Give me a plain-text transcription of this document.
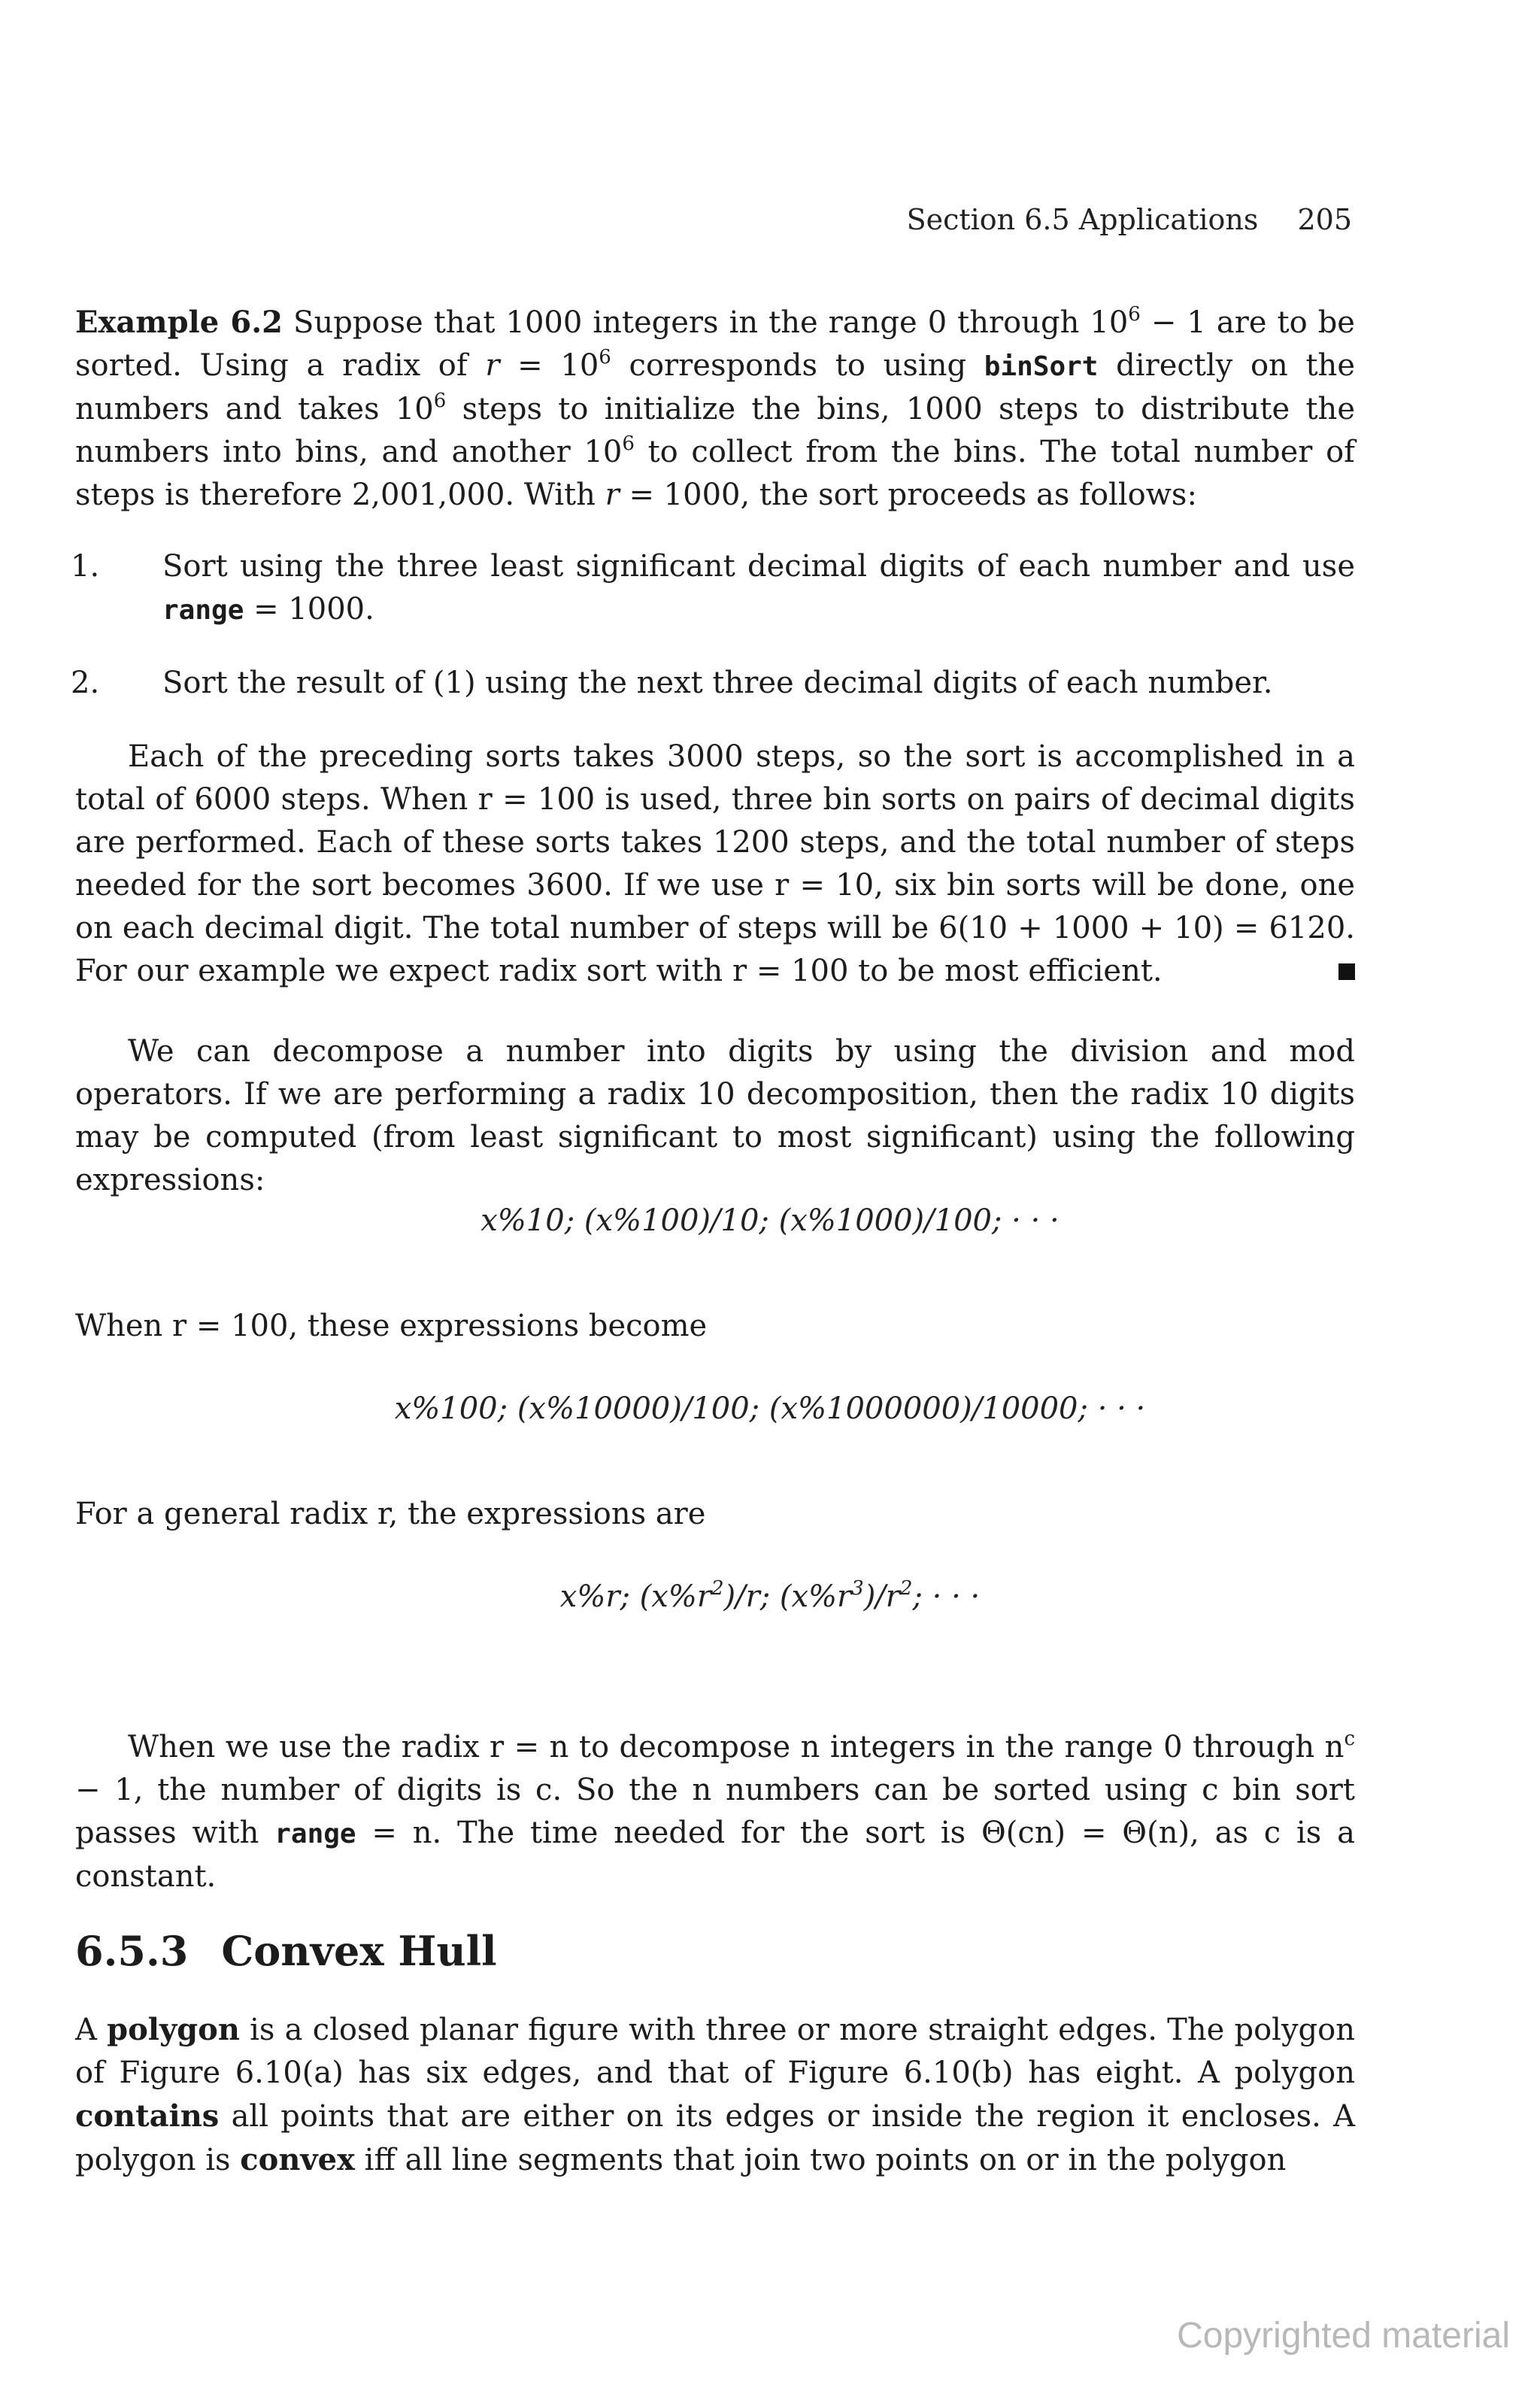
Section 6.5 Applications 205
Example 6.2 Suppose that 1000 integers in the range 0 through $10^6 - 1$ are to be sorted. Using a radix of $r = 10^6$ corresponds to using binSort directly on the numbers and takes $10^6$ steps to initialize the bins, 1000 steps to distribute the numbers into bins, and another $10^6$ to collect from the bins. The total number of steps is therefore 2,001,000. With r = 1000, the sort proceeds as follows:
1. Sort using the three least significant decimal digits of each number and use range = 1000.
2. Sort the result of (1) using the next three decimal digits of each number.
Each of the preceding sorts takes 3000 steps, so the sort is accomplished in a total of 6000 steps. When r = 100 is used, three bin sorts on pairs of decimal digits are performed. Each of these sorts takes 1200 steps, and the total number of steps needed for the sort becomes 3600. If we use r = 10, six bin sorts will be done, one on each decimal digit. The total number of steps will be 6(10 + 1000 + 10) = 6120. For our example we expect radix sort with r = 100 to be most efficient.
We can decompose a number into digits by using the division and mod operators. If we are performing a radix 10 decomposition, then the radix 10 digits may be computed (from least significant to most significant) using the following expressions:
x%10; (x%100)/10; (x%1000)/100; · · ·
When r = 100, these expressions become
x%100; (x%10000)/100; (x%1000000)/10000; · · ·
For a general radix r, the expressions are
x%r; $(x\%r^2)/r$; $(x\%r^3)/r^2$; · · ·
When we use the radix r = n to decompose n integers in the range 0 through $n^c - 1$, the number of digits is c. So the n numbers can be sorted using c bin sort passes with range = n. The time needed for the sort is Θ(cn) = Θ(n), as c is a constant.
6.5.3 Convex Hull
A polygon is a closed planar figure with three or more straight edges. The polygon of Figure 6.10(a) has six edges, and that of Figure 6.10(b) has eight. A polygon contains all points that are either on its edges or inside the region it encloses. A polygon is convex iff all line segments that join two points on or in the polygon
Copyrighted material
